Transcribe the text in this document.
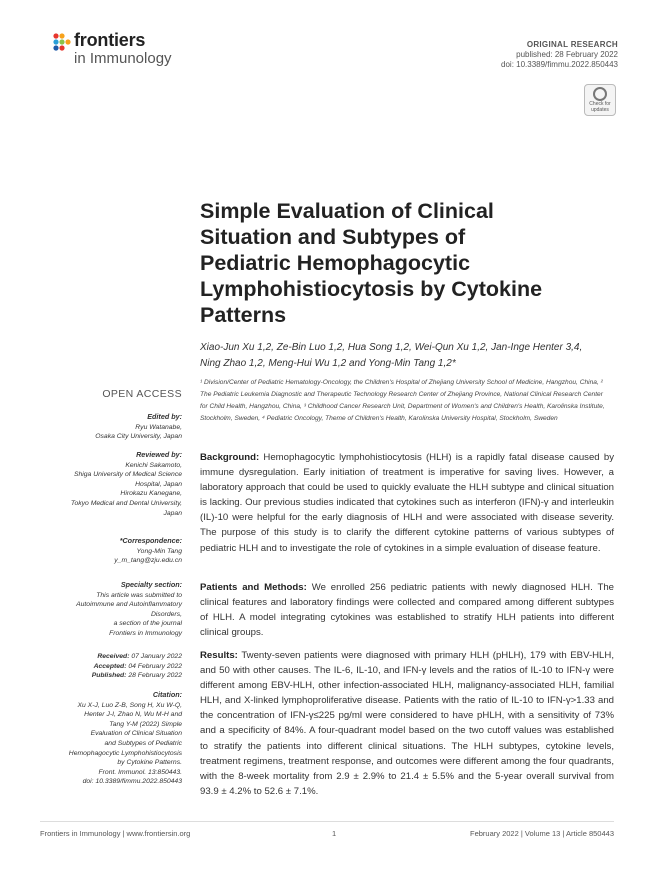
frontiers
in Immunology
ORIGINAL RESEARCH
published: 28 February 2022
doi: 10.3389/fimmu.2022.850443
Check for
updates
Simple Evaluation of Clinical Situation and Subtypes of Pediatric Hemophagocytic Lymphohistiocytosis by Cytokine Patterns
Xiao-Jun Xu 1,2, Ze-Bin Luo 1,2, Hua Song 1,2, Wei-Qun Xu 1,2, Jan-Inge Henter 3,4,
Ning Zhao 1,2, Meng-Hui Wu 1,2 and Yong-Min Tang 1,2*
¹ Division/Center of Pediatric Hematology-Oncology, the Children's Hospital of Zhejiang University School of Medicine, Hangzhou, China, ² The Pediatric Leukemia Diagnostic and Therapeutic Technology Research Center of Zhejiang Province, National Clinical Research Center for Child Health, Hangzhou, China, ³ Childhood Cancer Research Unit, Department of Women's and Children's Health, Karolinska Institute, Stockholm, Sweden, ⁴ Pediatric Oncology, Theme of Children's Health, Karolinska University Hospital, Stockholm, Sweden
OPEN ACCESS
Edited by:
Ryu Watanabe,
Osaka City University, Japan
Reviewed by:
Kenichi Sakamoto,
Shiga University of Medical Science
Hospital, Japan
Hirokazu Kanegane,
Tokyo Medical and Dental University,
Japan
*Correspondence:
Yong-Min Tang
y_m_tang@zju.edu.cn
Specialty section:
This article was submitted to
Autoimmune and Autoinflammatory
Disorders,
a section of the journal
Frontiers in Immunology
Received: 07 January 2022
Accepted: 04 February 2022
Published: 28 February 2022
Citation:
Xu X-J, Luo Z-B, Song H, Xu W-Q,
Henter J-I, Zhao N, Wu M-H and
Tang Y-M (2022) Simple
Evaluation of Clinical Situation
and Subtypes of Pediatric
Hemophagocytic Lymphohistiocytosis
by Cytokine Patterns.
Front. Immunol. 13:850443.
doi: 10.3389/fimmu.2022.850443
Background: Hemophagocytic lymphohistiocytosis (HLH) is a rapidly fatal disease caused by immune dysregulation. Early initiation of treatment is imperative for saving lives. However, a laboratory approach that could be used to quickly evaluate the HLH subtype and clinical situation is lacking. Our previous studies indicated that cytokines such as interferon (IFN)-γ and interleukin (IL)-10 were helpful for the early diagnosis of HLH and were associated with disease severity. The purpose of this study is to clarify the different cytokine patterns of various subtypes of pediatric HLH and to investigate the role of cytokines in a simple evaluation of disease feature.
Patients and Methods: We enrolled 256 pediatric patients with newly diagnosed HLH. The clinical features and laboratory findings were collected and compared among different subtypes of HLH. A model integrating cytokines was established to stratify HLH patients into different clinical groups.
Results: Twenty-seven patients were diagnosed with primary HLH (pHLH), 179 with EBV-HLH, and 50 with other causes. The IL-6, IL-10, and IFN-γ levels and the ratios of IL-10 to IFN-γ were different among EBV-HLH, other infection-associated HLH, malignancy-associated HLH, familial HLH, and X-linked lymphoproliferative disease. Patients with the ratio of IL-10 to IFN-γ>1.33 and the concentration of IFN-γ≤225 pg/ml were considered to have pHLH, with a sensitivity of 73% and a specificity of 84%. A four-quadrant model based on the two cutoff values was established to stratify the patients into different clinical situations. The HLH subtypes, cytokine levels, treatment regimens, treatment response, and outcomes were different among the four quadrants, with the 8-week mortality from 2.9 ± 2.9% to 21.4 ± 5.5% and the 5-year overall survival from 93.9 ± 4.2% to 52.6 ± 7.1%.
Frontiers in Immunology | www.frontiersin.org	1	February 2022 | Volume 13 | Article 850443
